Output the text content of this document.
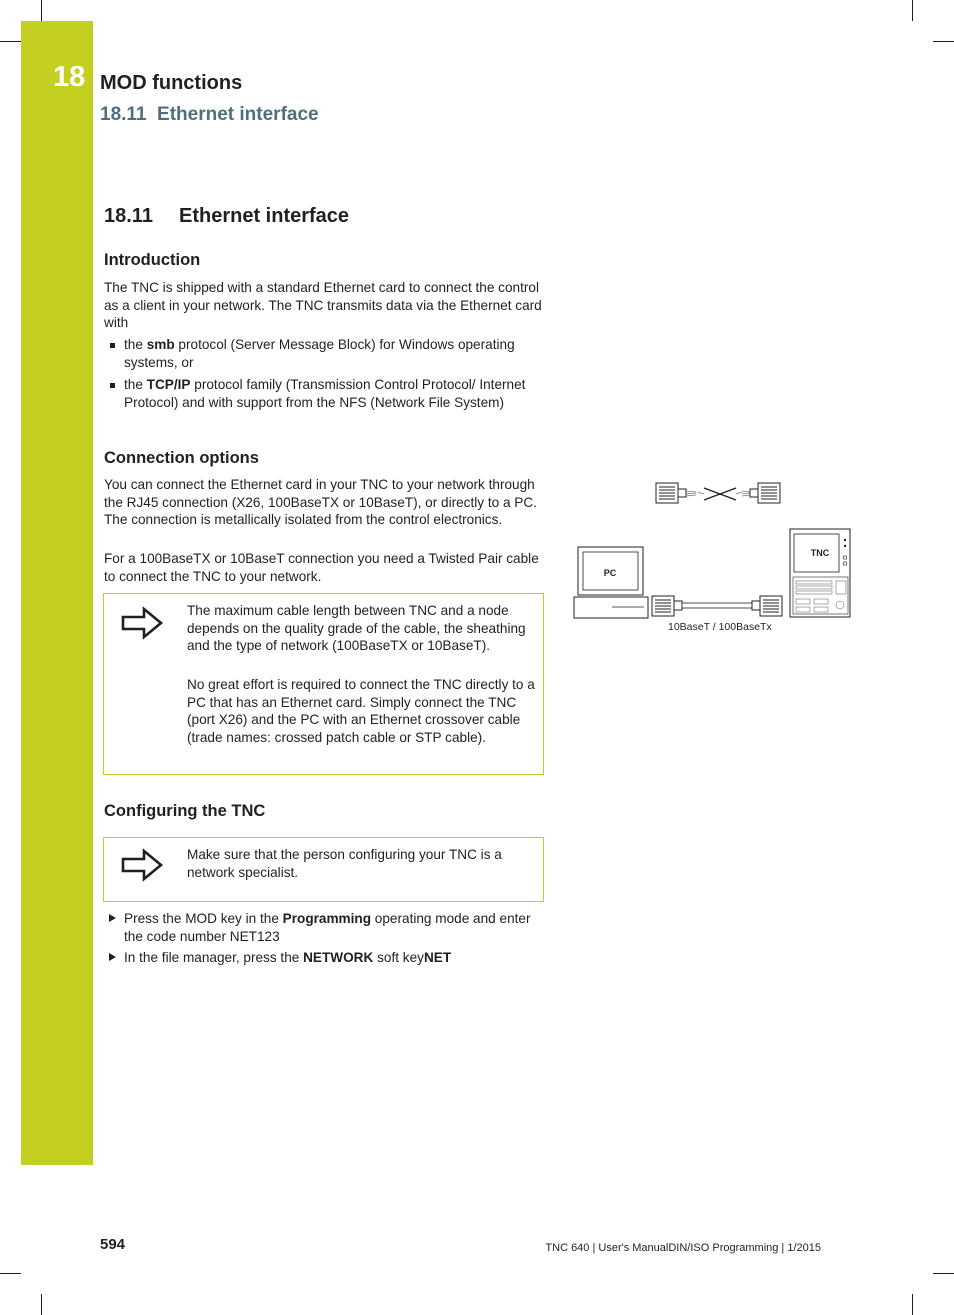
18 MOD functions
18.11  Ethernet interface
18.11 Ethernet interface
Introduction
The TNC is shipped with a standard Ethernet card to connect the control as a client in your network. The TNC transmits data via the Ethernet card with
the smb protocol (Server Message Block) for Windows operating systems, or
the TCP/IP protocol family (Transmission Control Protocol/ Internet Protocol) and with support from the NFS (Network File System)
Connection options
You can connect the Ethernet card in your TNC to your network through the RJ45 connection (X26, 100BaseTX or 10BaseT), or directly to a PC. The connection is metallically isolated from the control electronics.
For a 100BaseTX or 10BaseT connection you need a Twisted Pair cable to connect the TNC to your network.
The maximum cable length between TNC and a node depends on the quality grade of the cable, the sheathing and the type of network (100BaseTX or 10BaseT).
No great effort is required to connect the TNC directly to a PC that has an Ethernet card. Simply connect the TNC (port X26) and the PC with an Ethernet crossover cable (trade names: crossed patch cable or STP cable).
PC
TNC
10BaseT / 100BaseTx
Configuring the TNC
Make sure that the person configuring your TNC is a network specialist.
Press the MOD key in the Programming operating mode and enter the code number NET123
In the file manager, press the NETWORK soft keyNET
594	TNC 640 | User's ManualDIN/ISO Programming | 1/2015
